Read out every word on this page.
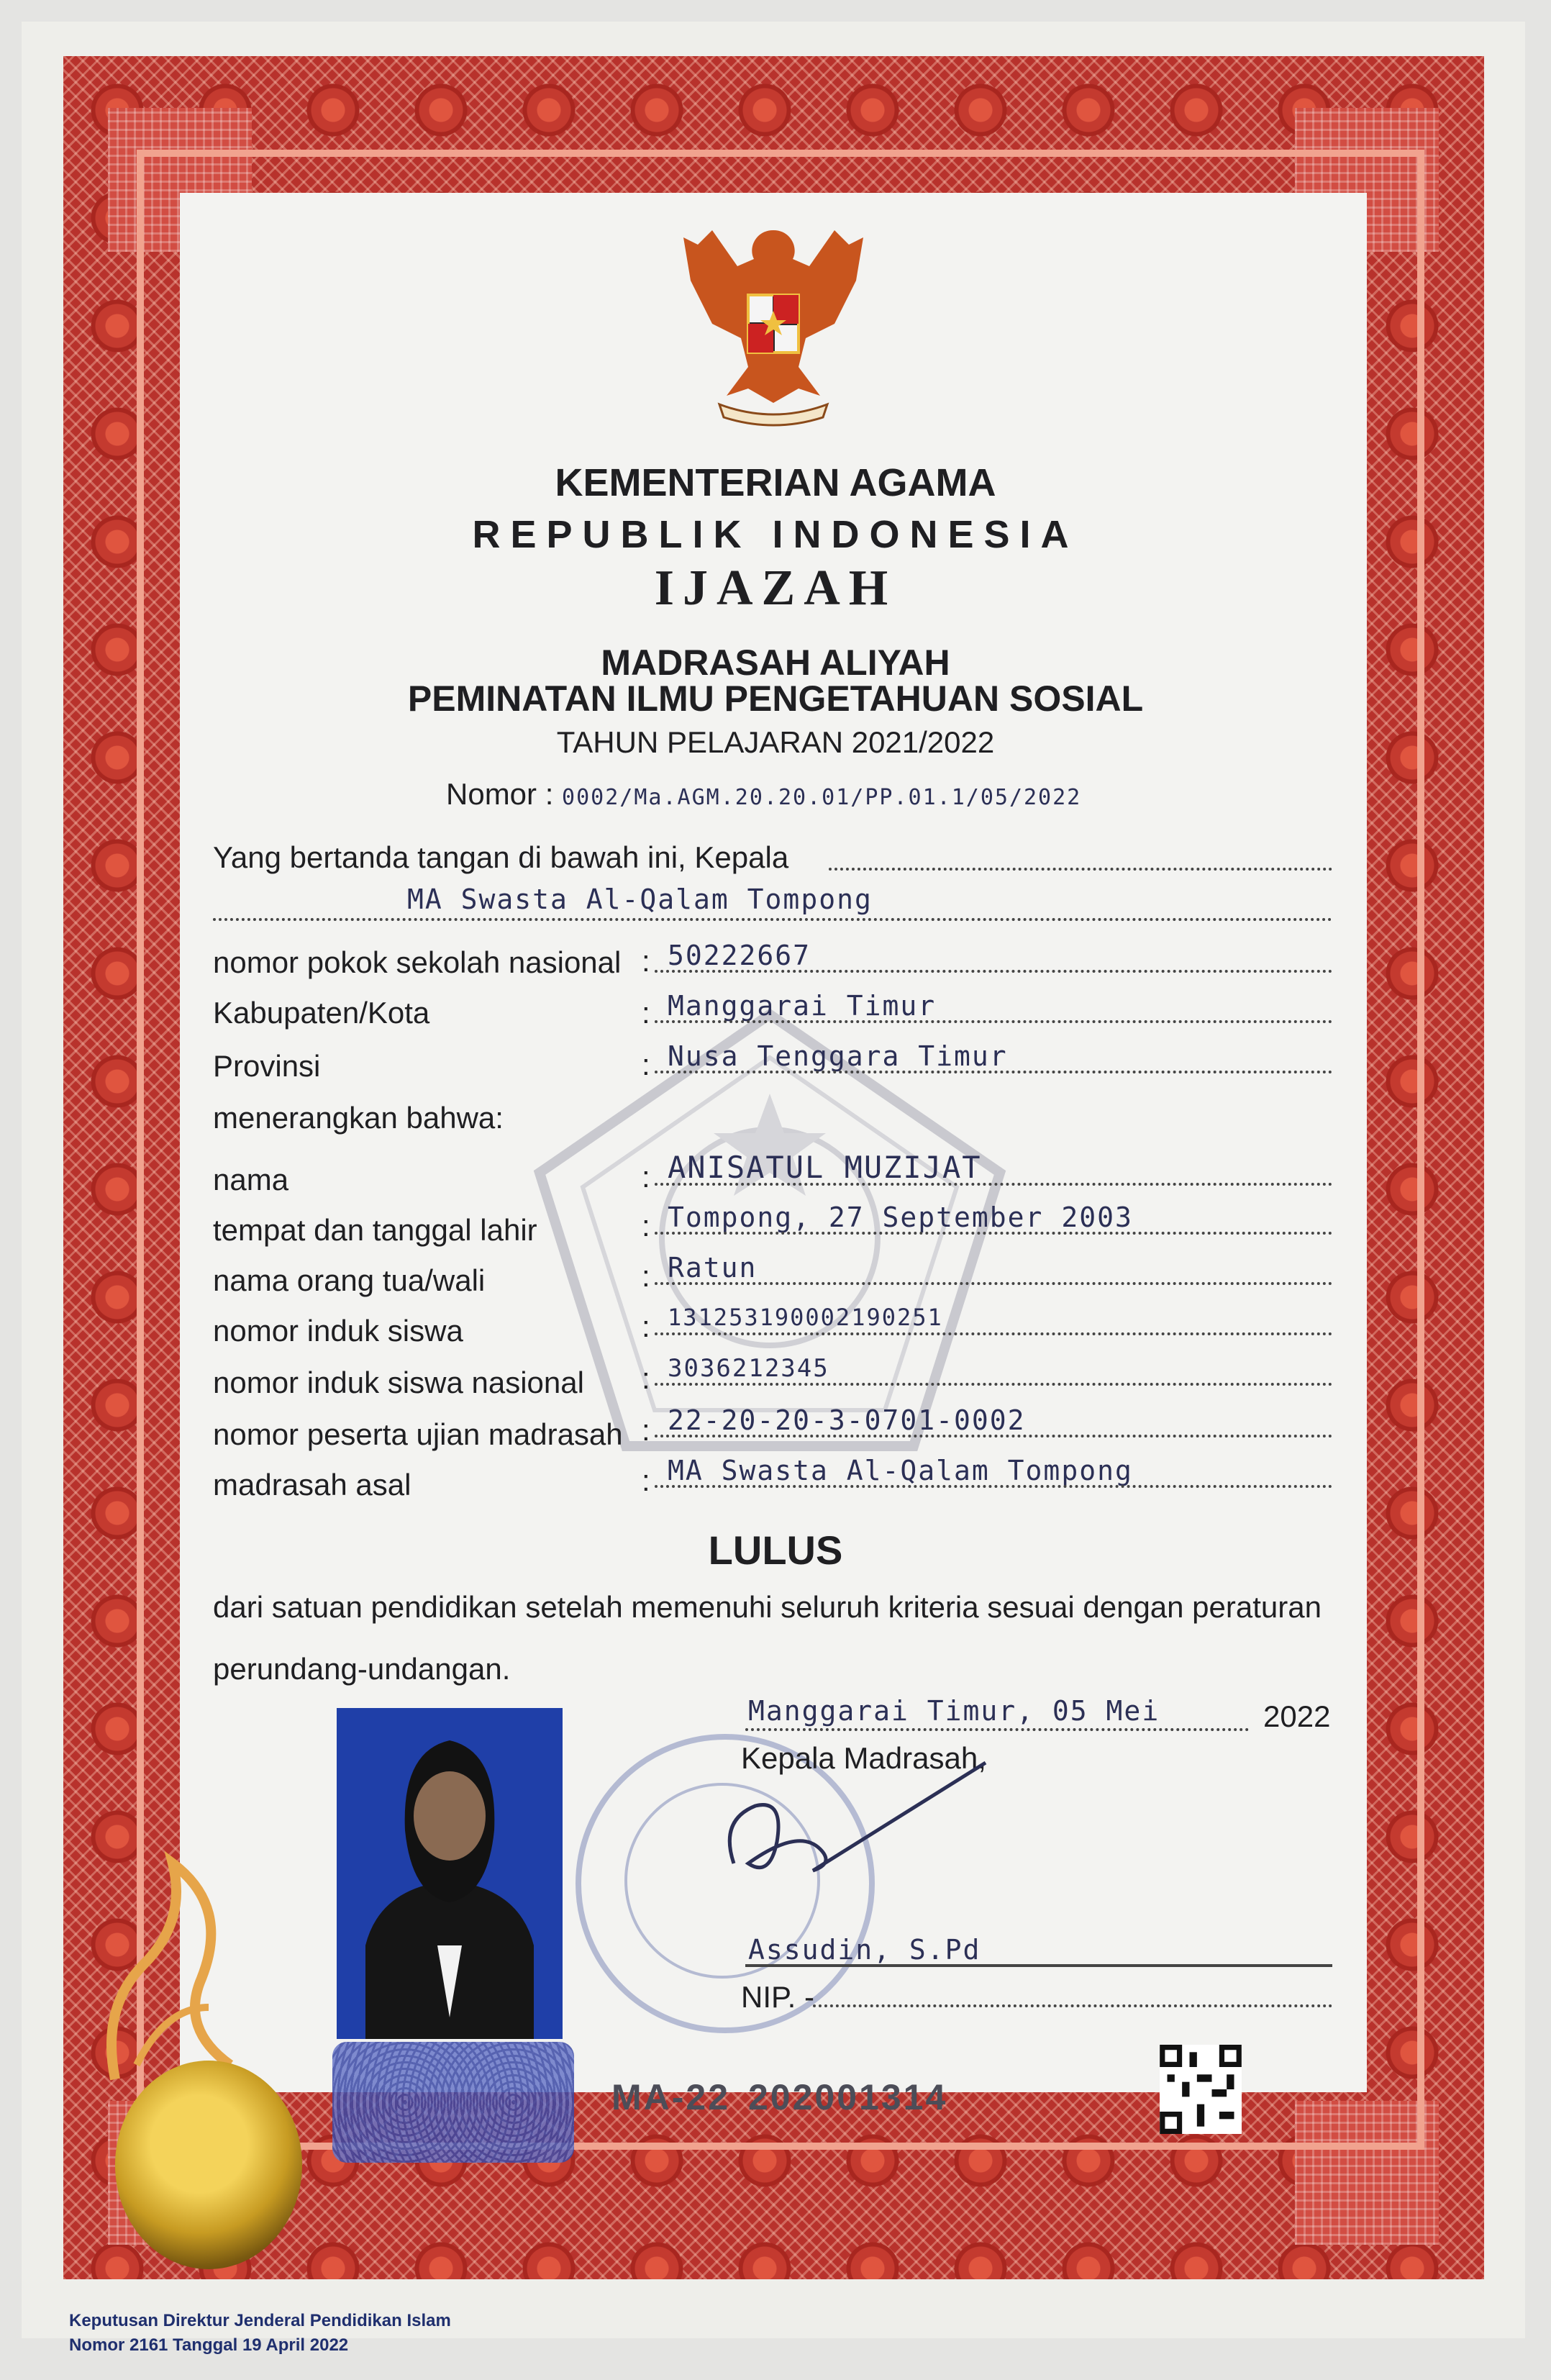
KEMENTERIAN AGAMA
REPUBLIK INDONESIA
IJAZAH
MADRASAH ALIYAH
PEMINATAN ILMU PENGETAHUAN SOSIAL
TAHUN PELAJARAN 2021/2022
Nomor : 0002/Ma.AGM.20.20.01/PP.01.1/05/2022
Yang bertanda tangan di bawah ini, Kepala
MA Swasta Al-Qalam Tompong
nomor pokok sekolah nasional : 50222667
Kabupaten/Kota	: Manggarai Timur
Provinsi	: Nusa Tenggara Timur
menerangkan bahwa:
nama	: ANISATUL MUZIJAT
tempat dan tanggal lahir	: Tompong, 27 September 2003
nama orang tua/wali	: Ratun
nomor induk siswa	: 131253190002190251
nomor induk siswa nasional : 3036212345
nomor peserta ujian madrasah : 22-20-20-3-0701-0002
madrasah asal	: MA Swasta Al-Qalam Tompong
LULUS
dari satuan pendidikan setelah memenuhi seluruh kriteria sesuai dengan peraturan
perundang-undangan.
Manggarai Timur, 05 Mei	2022
Kepala Madrasah,
Assudin, S.Pd
NIP. -
MA-22 202001314
Keputusan Direktur Jenderal Pendidikan Islam
Nomor 2161 Tanggal 19 April 2022
